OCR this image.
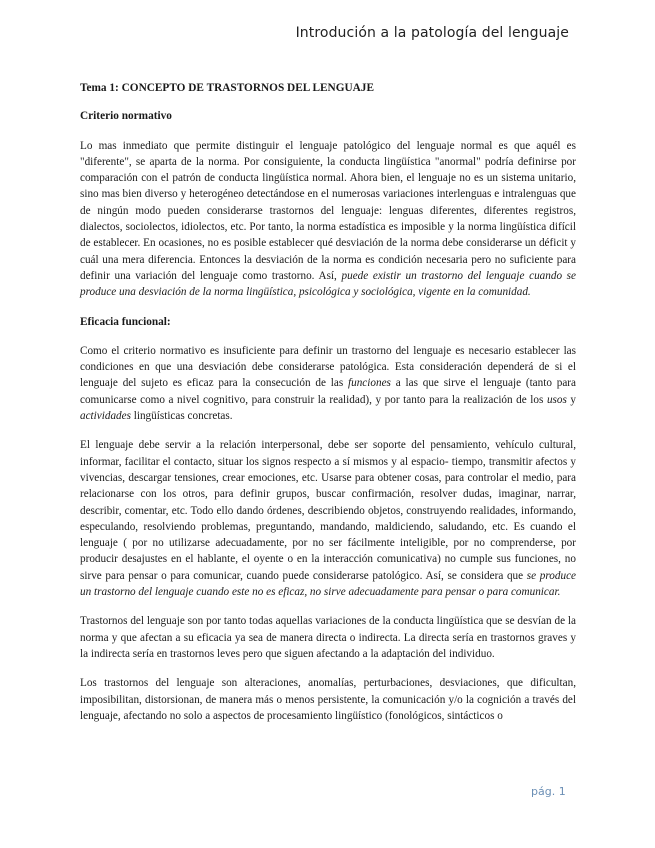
Introdución a la patología del lenguaje
Tema 1: CONCEPTO DE TRASTORNOS DEL LENGUAJE
Criterio normativo

Lo mas inmediato que permite distinguir el lenguaje patológico del lenguaje normal es que aquél es "diferente", se aparta de la norma. Por consiguiente, la conducta lingüística "anormal" podría definirse por comparación con el patrón de conducta lingüística normal. Ahora bien, el lenguaje no es un sistema unitario, sino mas bien diverso y heterogéneo detectándose en el numerosas variaciones interlenguas e intralenguas que de ningún modo pueden considerarse trastornos del lenguaje: lenguas diferentes, diferentes registros, dialectos, sociolectos, idiolectos, etc. Por tanto, la norma estadística es imposible y la norma lingüística difícil de establecer. En ocasiones, no es posible establecer qué desviación de la norma debe considerarse un déficit y cuál una mera diferencia. Entonces la desviación de la norma es condición necesaria pero no suficiente para definir una variación del lenguaje como trastorno. Así, puede existir un trastorno del lenguaje cuando se produce una desviación de la norma lingüística, psicológica y sociológica, vigente en la comunidad.

Eficacia funcional:

Como el criterio normativo es insuficiente para definir un trastorno del lenguaje es necesario establecer las condiciones en que una desviación debe considerarse patológica. Esta consideración dependerá de si el lenguaje del sujeto es eficaz para la consecución de las funciones a las que sirve el lenguaje (tanto para comunicarse como a nivel cognitivo, para construir la realidad), y por tanto para la realización de los usos y actividades lingüísticas concretas.

El lenguaje debe servir a la relación interpersonal, debe ser soporte del pensamiento, vehículo cultural, informar, facilitar el contacto, situar los signos respecto a sí mismos y al espacio- tiempo, transmitir afectos y vivencias, descargar tensiones, crear emociones, etc. Usarse para obtener cosas, para controlar el medio, para relacionarse con los otros, para definir grupos, buscar confirmación, resolver dudas, imaginar, narrar, describir, comentar, etc. Todo ello dando órdenes, describiendo objetos, construyendo realidades, informando, especulando, resolviendo problemas, preguntando, mandando, maldiciendo, saludando, etc. Es cuando el lenguaje ( por no utilizarse adecuadamente, por no ser fácilmente inteligible, por no comprenderse, por producir desajustes en el hablante, el oyente o en la interacción comunicativa) no cumple sus funciones, no sirve para pensar o para comunicar, cuando puede considerarse patológico. Así, se considera que se produce un trastorno del lenguaje cuando este no es eficaz, no sirve adecuadamente para pensar o para comunicar.

Trastornos del lenguaje son por tanto todas aquellas variaciones de la conducta lingüística que se desvían de la norma y que afectan a su eficacia ya sea de manera directa o indirecta. La directa sería en trastornos graves y la indirecta sería en trastornos leves pero que siguen afectando a la adaptación del individuo.

Los trastornos del lenguaje son alteraciones, anomalías, perturbaciones, desviaciones, que dificultan, imposibilitan, distorsionan, de manera más o menos persistente, la comunicación y/o la cognición a través del lenguaje, afectando no solo a aspectos de procesamiento lingüístico (fonológicos, sintácticos o

pág. 1
